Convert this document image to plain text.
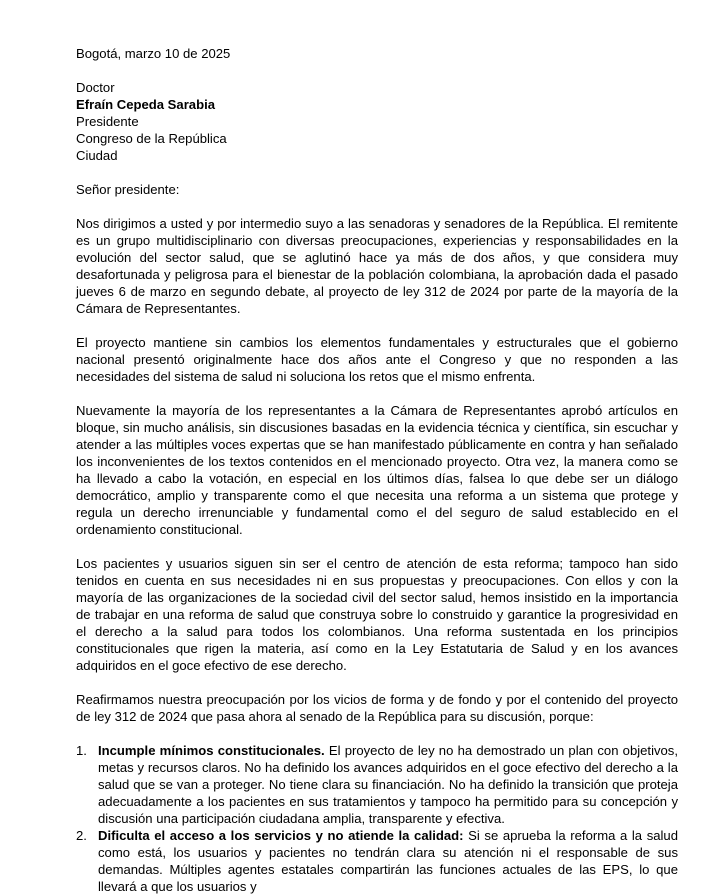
Bogotá, marzo 10 de 2025
Doctor
Efraín Cepeda Sarabia
Presidente
Congreso de la República
Ciudad
Señor presidente:

Nos dirigimos a usted y por intermedio suyo a las senadoras y senadores de la República. El remitente es un grupo multidisciplinario con diversas preocupaciones, experiencias y responsabilidades en la evolución del sector salud, que se aglutinó hace ya más de dos años, y que considera muy desafortunada y peligrosa para el bienestar de la población colombiana, la aprobación dada el pasado jueves 6 de marzo en segundo debate, al proyecto de ley 312 de 2024 por parte de la mayoría de la Cámara de Representantes.

El proyecto mantiene sin cambios los elementos fundamentales y estructurales que el gobierno nacional presentó originalmente hace dos años ante el Congreso y que no responden a las necesidades del sistema de salud ni soluciona los retos que el mismo enfrenta.

Nuevamente la mayoría de los representantes a la Cámara de Representantes aprobó artículos en bloque, sin mucho análisis, sin discusiones basadas en la evidencia técnica y científica, sin escuchar y atender a las múltiples voces expertas que se han manifestado públicamente en contra y han señalado los inconvenientes de los textos contenidos en el mencionado proyecto. Otra vez, la manera como se ha llevado a cabo la votación, en especial en los últimos días, falsea lo que debe ser un diálogo democrático, amplio y transparente como el que necesita una reforma a un sistema que protege y regula un derecho irrenunciable y fundamental como el del seguro de salud establecido en el ordenamiento constitucional.

Los pacientes y usuarios siguen sin ser el centro de atención de esta reforma; tampoco han sido tenidos en cuenta en sus necesidades ni en sus propuestas y preocupaciones. Con ellos y con la mayoría de las organizaciones de la sociedad civil del sector salud, hemos insistido en la importancia de trabajar en una reforma de salud que construya sobre lo construido y garantice la progresividad en el derecho a la salud para todos los colombianos. Una reforma sustentada en los principios constitucionales que rigen la materia, así como en la Ley Estatutaria de Salud y en los avances adquiridos en el goce efectivo de ese derecho.

Reafirmamos nuestra preocupación por los vicios de forma y de fondo y por el contenido del proyecto de ley 312 de 2024 que pasa ahora al senado de la República para su discusión, porque:

1. Incumple mínimos constitucionales. El proyecto de ley no ha demostrado un plan con objetivos, metas y recursos claros. No ha definido los avances adquiridos en el goce efectivo del derecho a la salud que se van a proteger. No tiene clara su financiación. No ha definido la transición que proteja adecuadamente a los pacientes en sus tratamientos y tampoco ha permitido para su concepción y discusión una participación ciudadana amplia, transparente y efectiva.
2. Dificulta el acceso a los servicios y no atiende la calidad: Si se aprueba la reforma a la salud como está, los usuarios y pacientes no tendrán clara su atención ni el responsable de sus demandas. Múltiples agentes estatales compartirán las funciones actuales de las EPS, lo que llevará a que los usuarios y
